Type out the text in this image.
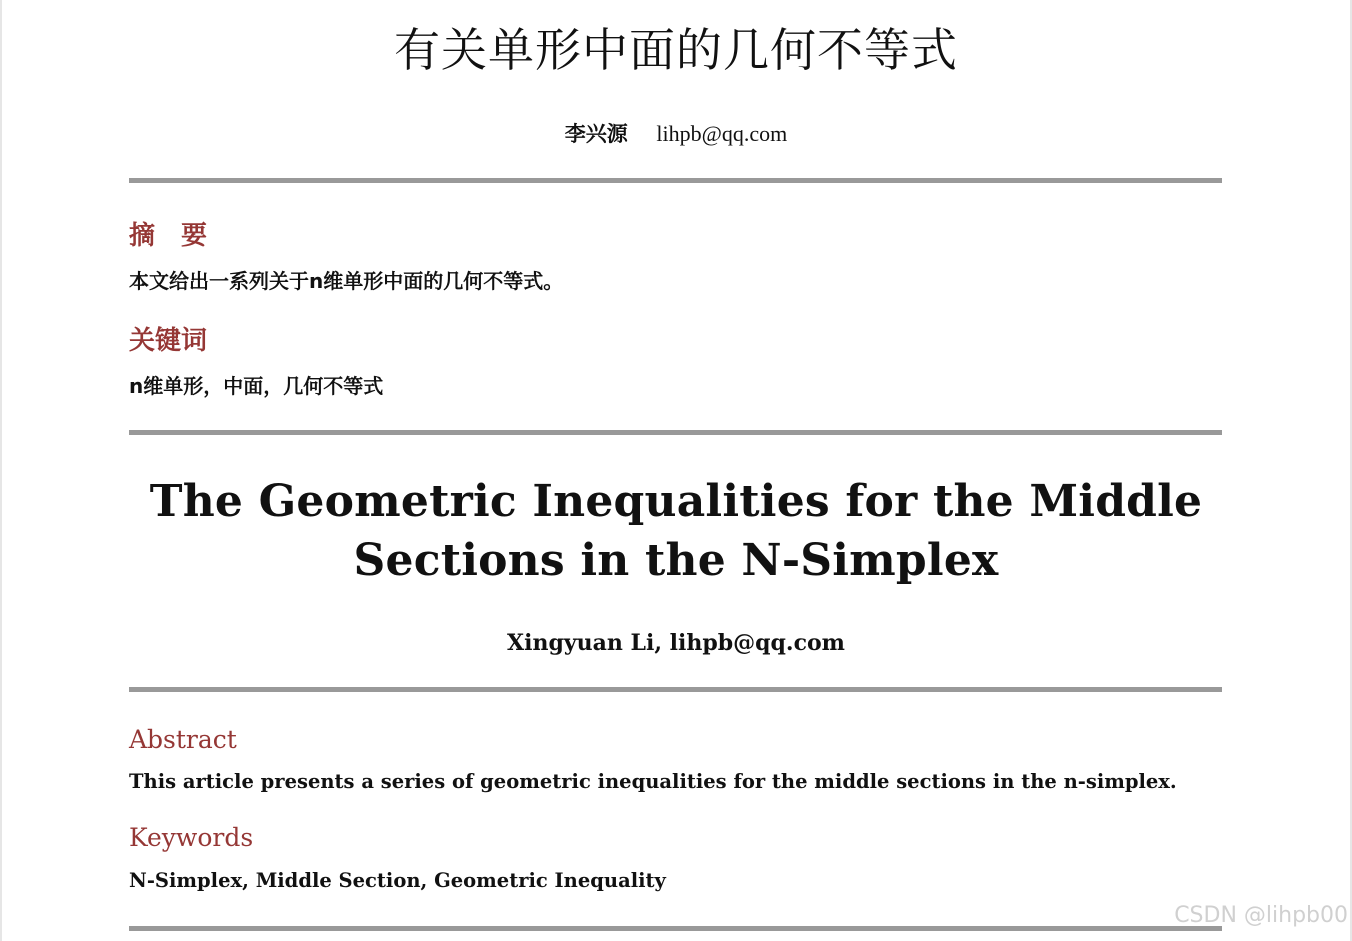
有关单形中面的几何不等式
李兴源 lihpb@qq.com
摘　要
本文给出一系列关于n维单形中面的几何不等式。
关键词
n维单形，中面，几何不等式
The Geometric Inequalities for the Middle
Sections in the N-Simplex
Xingyuan Li, lihpb@qq.com
Abstract
This article presents a series of geometric inequalities for the middle sections in the n-simplex.
Keywords
N-Simplex, Middle Section, Geometric Inequality
CSDN @lihpb00
